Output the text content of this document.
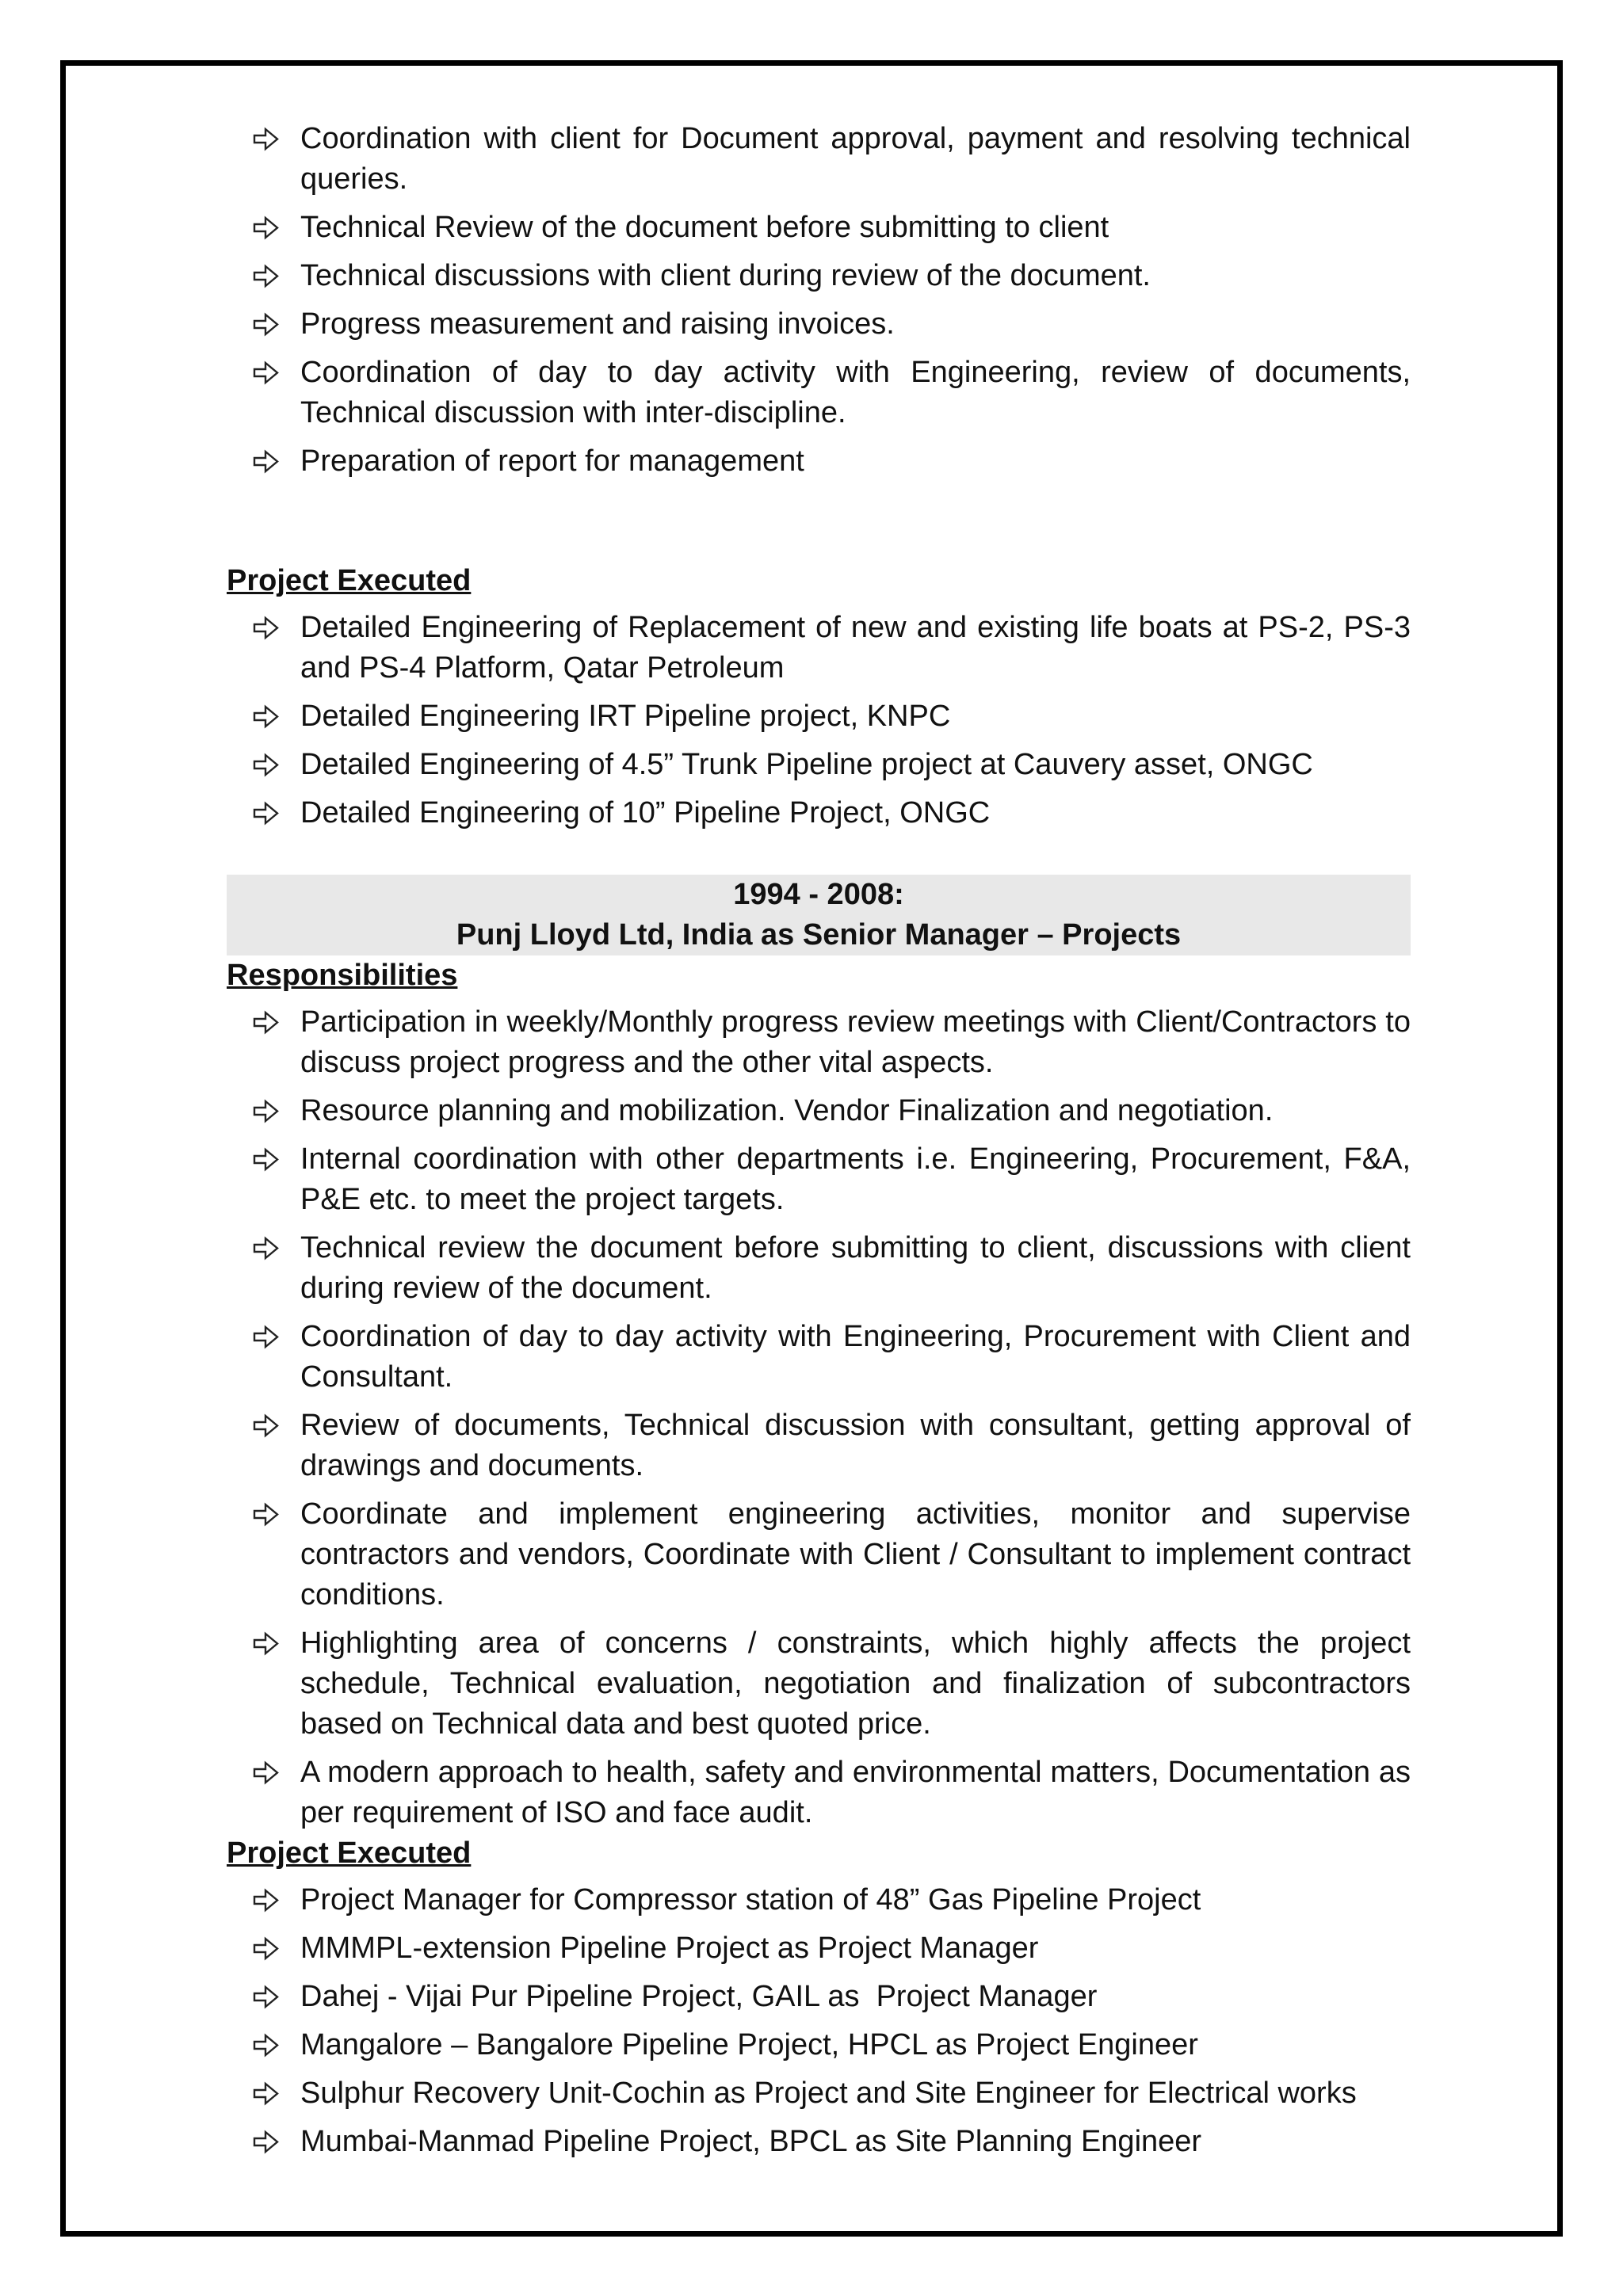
Coordination with client for Document approval, payment and resolving technical queries.
Technical Review of the document before submitting to client
Technical discussions with client during review of the document.
Progress measurement and raising invoices.
Coordination of day to day activity with Engineering, review of documents, Technical discussion with inter-discipline.
Preparation of report for management

Project Executed

Detailed Engineering of Replacement of new and existing life boats at PS-2, PS-3 and PS-4 Platform, Qatar Petroleum
Detailed Engineering IRT Pipeline project, KNPC
Detailed Engineering of 4.5” Trunk Pipeline project at Cauvery asset, ONGC
Detailed Engineering of 10” Pipeline Project, ONGC
1994 - 2008:
Punj Lloyd Ltd, India as Senior Manager – Projects

Responsibilities

Participation in weekly/Monthly progress review meetings with Client/Contractors to discuss project progress and the other vital aspects.
Resource planning and mobilization. Vendor Finalization and negotiation.
Internal coordination with other departments i.e. Engineering, Procurement, F&A, P&E etc. to meet the project targets.
Technical review the document before submitting to client, discussions with client during review of the document.
Coordination of day to day activity with Engineering, Procurement with Client and Consultant.
Review of documents, Technical discussion with consultant, getting approval of drawings and documents.
Coordinate and implement engineering activities, monitor and supervise contractors and vendors, Coordinate with Client / Consultant to implement contract conditions.
Highlighting area of concerns / constraints, which highly affects the project schedule, Technical evaluation, negotiation and finalization of subcontractors based on Technical data and best quoted price.
A modern approach to health, safety and environmental matters, Documentation as per requirement of ISO and face audit.

Project Executed

Project Manager for Compressor station of 48” Gas Pipeline Project
MMMPL-extension Pipeline Project as Project Manager
Dahej - Vijai Pur Pipeline Project, GAIL as  Project Manager
Mangalore – Bangalore Pipeline Project, HPCL as Project Engineer
Sulphur Recovery Unit-Cochin as Project and Site Engineer for Electrical works
Mumbai-Manmad Pipeline Project, BPCL as Site Planning Engineer
